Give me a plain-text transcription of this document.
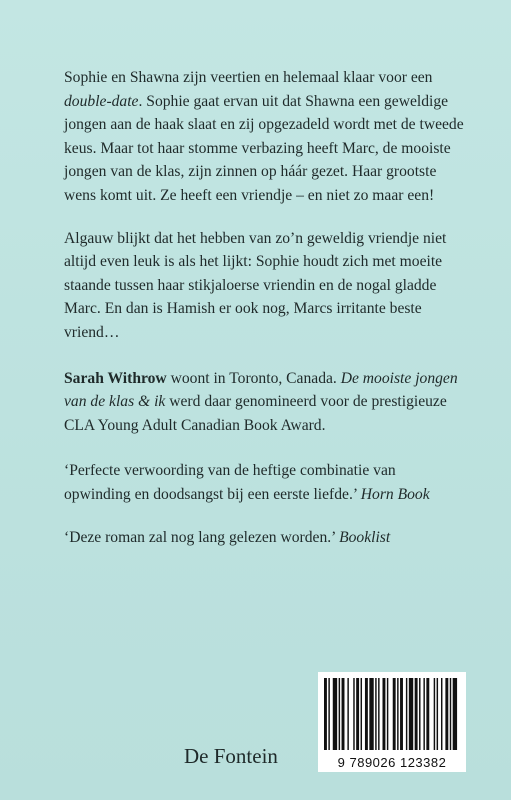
Sophie en Shawna zijn veertien en helemaal klaar voor een double-date. Sophie gaat ervan uit dat Shawna een geweldige jongen aan de haak slaat en zij opgezadeld wordt met de tweede keus. Maar tot haar stomme verbazing heeft Marc, de mooiste jongen van de klas, zijn zinnen op háár gezet. Haar grootste wens komt uit. Ze heeft een vriendje – en niet zo maar een!

Algauw blijkt dat het hebben van zo’n geweldig vriendje niet altijd even leuk is als het lijkt: Sophie houdt zich met moeite staande tussen haar stikjaloerse vriendin en de nogal gladde Marc. En dan is Hamish er ook nog, Marcs irritante beste vriend…

Sarah Withrow woont in Toronto, Canada. De mooiste jongen van de klas & ik werd daar genomineerd voor de prestigieuze CLA Young Adult Canadian Book Award.

‘Perfecte verwoording van de heftige combinatie van opwinding en doodsangst bij een eerste liefde.’ Horn Book

‘Deze roman zal nog lang gelezen worden.’ Booklist

De Fontein	9 789026 123382
